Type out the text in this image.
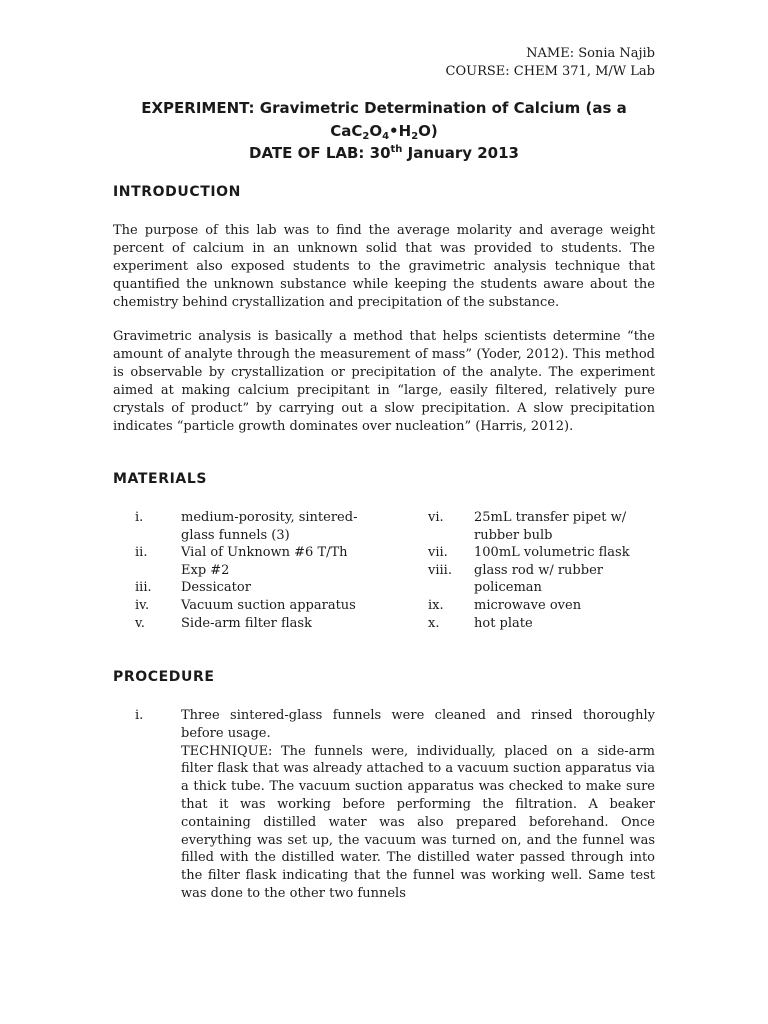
NAME: Sonia Najib
COURSE: CHEM 371, M/W Lab
EXPERIMENT: Gravimetric Determination of Calcium (as a
$CaC_2O_4•H_2O$)
DATE OF LAB: 30th January 2013
INTRODUCTION

The purpose of this lab was to find the average molarity and average weight percent of calcium in an unknown solid that was provided to students. The experiment also exposed students to the gravimetric analysis technique that quantified the unknown substance while keeping the students aware about the chemistry behind crystallization and precipitation of the substance.

Gravimetric analysis is basically a method that helps scientists determine “the amount of analyte through the measurement of mass” (Yoder, 2012). This method is observable by crystallization or precipitation of the analyte. The experiment aimed at making calcium precipitant in “large, easily filtered, relatively pure crystals of product” by carrying out a slow precipitation. A slow precipitation indicates “particle growth dominates over nucleation” (Harris, 2012).

MATERIALS
i.	medium-porosity, sintered-
glass funnels (3)
ii.	Vial of Unknown #6 T/Th
Exp #2
iii.	Dessicator
iv.	Vacuum suction apparatus
v.	Side-arm filter flask
vi.	25mL transfer pipet w/
rubber bulb
vii.	100mL volumetric flask
viii.	glass rod w/ rubber
policeman
ix.	microwave oven
x.	hot plate
PROCEDURE
i.	Three sintered-glass funnels were cleaned and rinsed thoroughly before usage.
TECHNIQUE: The funnels were, individually, placed on a side-arm filter flask that was already attached to a vacuum suction apparatus via a thick tube. The vacuum suction apparatus was checked to make sure that it was working before performing the filtration. A beaker containing distilled water was also prepared beforehand. Once everything was set up, the vacuum was turned on, and the funnel was filled with the distilled water. The distilled water passed through into the filter flask indicating that the funnel was working well. Same test was done to the other two funnels
